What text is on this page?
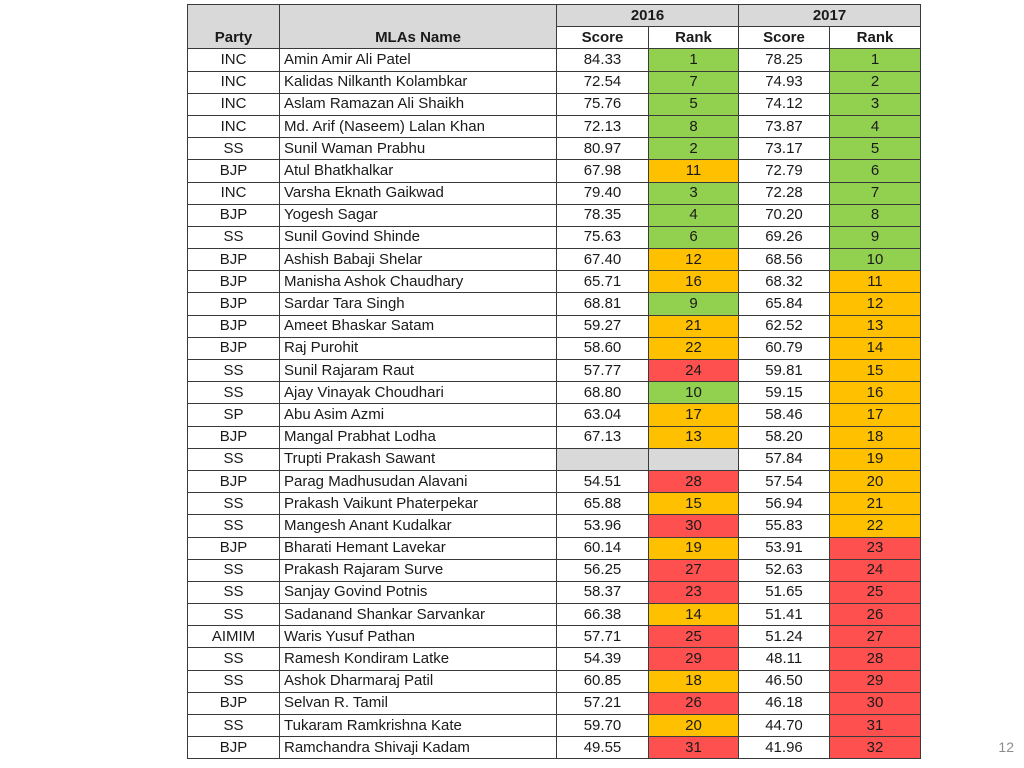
Party	MLAs Name	2016		2017	
		Score	Rank	Score	Rank
INC	Amin Amir Ali Patel	84.33	1	78.25	1
INC	Kalidas Nilkanth Kolambkar	72.54	7	74.93	2
INC	Aslam Ramazan Ali Shaikh	75.76	5	74.12	3
INC	Md. Arif (Naseem) Lalan Khan	72.13	8	73.87	4
SS	Sunil Waman Prabhu	80.97	2	73.17	5
BJP	Atul Bhatkhalkar	67.98	11	72.79	6
INC	Varsha Eknath Gaikwad	79.40	3	72.28	7
BJP	Yogesh Sagar	78.35	4	70.20	8
SS	Sunil Govind Shinde	75.63	6	69.26	9
BJP	Ashish Babaji Shelar	67.40	12	68.56	10
BJP	Manisha Ashok Chaudhary	65.71	16	68.32	11
BJP	Sardar Tara Singh	68.81	9	65.84	12
BJP	Ameet Bhaskar Satam	59.27	21	62.52	13
BJP	Raj Purohit	58.60	22	60.79	14
SS	Sunil Rajaram Raut	57.77	24	59.81	15
SS	Ajay Vinayak Choudhari	68.80	10	59.15	16
SP	Abu Asim Azmi	63.04	17	58.46	17
BJP	Mangal Prabhat Lodha	67.13	13	58.20	18
SS	Trupti Prakash Sawant			57.84	19
BJP	Parag Madhusudan Alavani	54.51	28	57.54	20
SS	Prakash Vaikunt Phaterpekar	65.88	15	56.94	21
SS	Mangesh Anant Kudalkar	53.96	30	55.83	22
BJP	Bharati Hemant Lavekar	60.14	19	53.91	23
SS	Prakash Rajaram Surve	56.25	27	52.63	24
SS	Sanjay Govind Potnis	58.37	23	51.65	25
SS	Sadanand Shankar Sarvankar	66.38	14	51.41	26
AIMIM	Waris Yusuf Pathan	57.71	25	51.24	27
SS	Ramesh Kondiram Latke	54.39	29	48.11	28
SS	Ashok Dharmaraj Patil	60.85	18	46.50	29
BJP	Selvan R. Tamil	57.21	26	46.18	30
SS	Tukaram Ramkrishna Kate	59.70	20	44.70	31
BJP	Ramchandra Shivaji Kadam	49.55	31	41.96	32	12
